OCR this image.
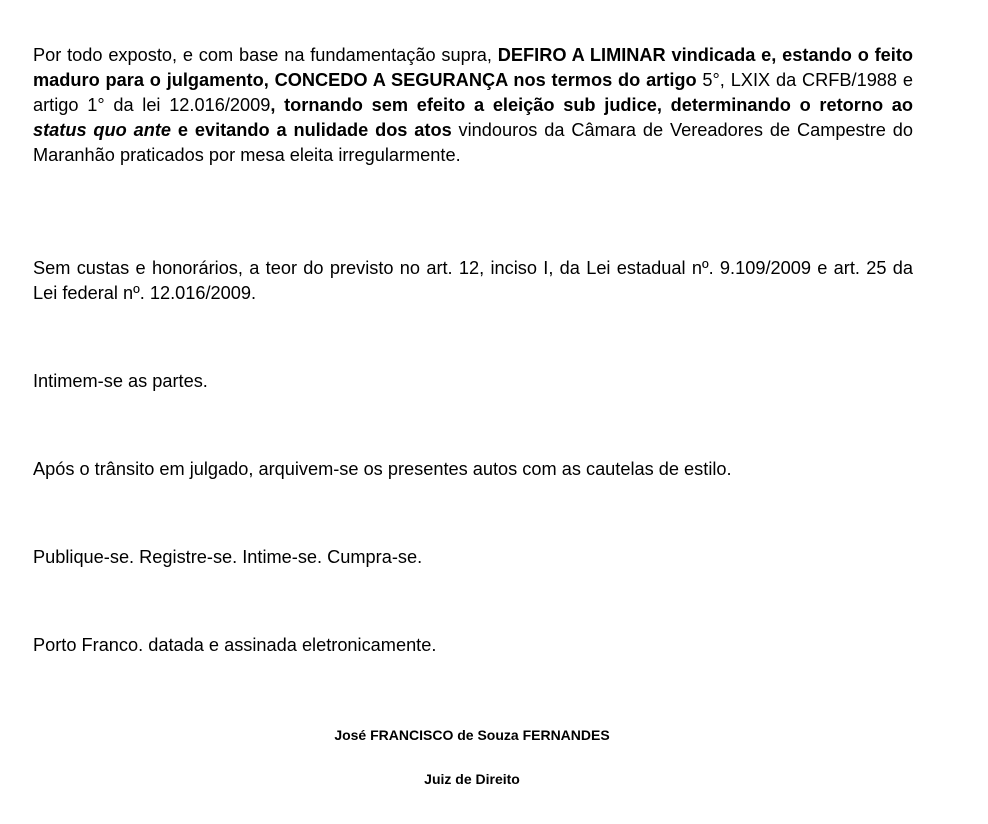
Por todo exposto, e com base na fundamentação supra, DEFIRO A LIMINAR vindicada e, estando o feito maduro para o julgamento, CONCEDO A SEGURANÇA nos termos do artigo 5°, LXIX da CRFB/1988 e artigo 1° da lei 12.016/2009, tornando sem efeito a eleição sub judice, determinando o retorno ao status quo ante e evitando a nulidade dos atos vindouros da Câmara de Vereadores de Campestre do Maranhão praticados por mesa eleita irregularmente.

Sem custas e honorários, a teor do previsto no art. 12, inciso I, da Lei estadual nº. 9.109/2009 e art. 25 da Lei federal nº. 12.016/2009.

Intimem-se as partes.

Após o trânsito em julgado, arquivem-se os presentes autos com as cautelas de estilo.

Publique-se. Registre-se. Intime-se. Cumpra-se.

Porto Franco. datada e assinada eletronicamente.

José FRANCISCO de Souza FERNANDES
Juiz de Direito
